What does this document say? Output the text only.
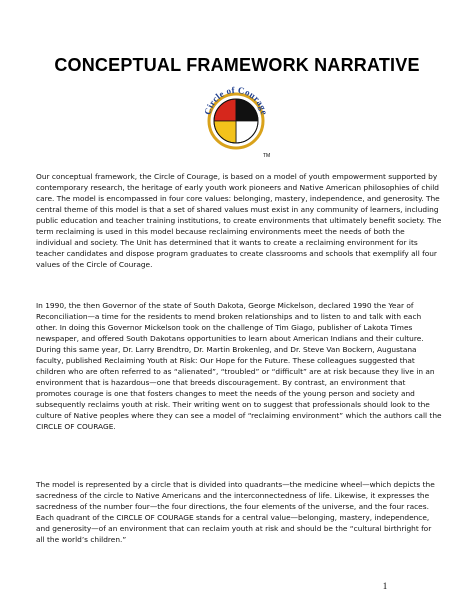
CONCEPTUAL FRAMEWORK NARRATIVE
Circle of Courage
TM

Our conceptual framework, the Circle of Courage, is based on a model of youth empowerment supported by contemporary research, the heritage of early youth work pioneers and Native American philosophies of child care. The model is encompassed in four core values: belonging, mastery, independence, and generosity. The central theme of this model is that a set of shared values must exist in any community of learners, including public education and teacher training institutions, to create environments that ultimately benefit society. The term reclaiming is used in this model because reclaiming environments meet the needs of both the individual and society. The Unit has determined that it wants to create a reclaiming environment for its teacher candidates and dispose program graduates to create classrooms and schools that exemplify all four values of the Circle of Courage.

In 1990, the then Governor of the state of South Dakota, George Mickelson, declared 1990 the Year of Reconciliation—a time for the residents to mend broken relationships and to listen to and talk with each other. In doing this Governor Mickelson took on the challenge of Tim Giago, publisher of Lakota Times newspaper, and offered South Dakotans opportunities to learn about American Indians and their culture. During this same year, Dr. Larry Brendtro, Dr. Martin Brokenleg, and Dr. Steve Van Bockern, Augustana faculty, published Reclaiming Youth at Risk: Our Hope for the Future. These colleagues suggested that children who are often referred to as “alienated”, “troubled” or “difficult” are at risk because they live in an environment that is hazardous—one that breeds discouragement. By contrast, an environment that promotes courage is one that fosters changes to meet the needs of the young person and society and subsequently reclaims youth at risk. Their writing went on to suggest that professionals should look to the culture of Native peoples where they can see a model of “reclaiming environment” which the authors call the CIRCLE OF COURAGE.

The model is represented by a circle that is divided into quadrants—the medicine wheel—which depicts the sacredness of the circle to Native Americans and the interconnectedness of life. Likewise, it expresses the sacredness of the number four—the four directions, the four elements of the universe, and the four races. Each quadrant of the CIRCLE OF COURAGE stands for a central value—belonging, mastery, independence, and generosity—of an environment that can reclaim youth at risk and should be the “cultural birthright for all the world’s children.”

1
